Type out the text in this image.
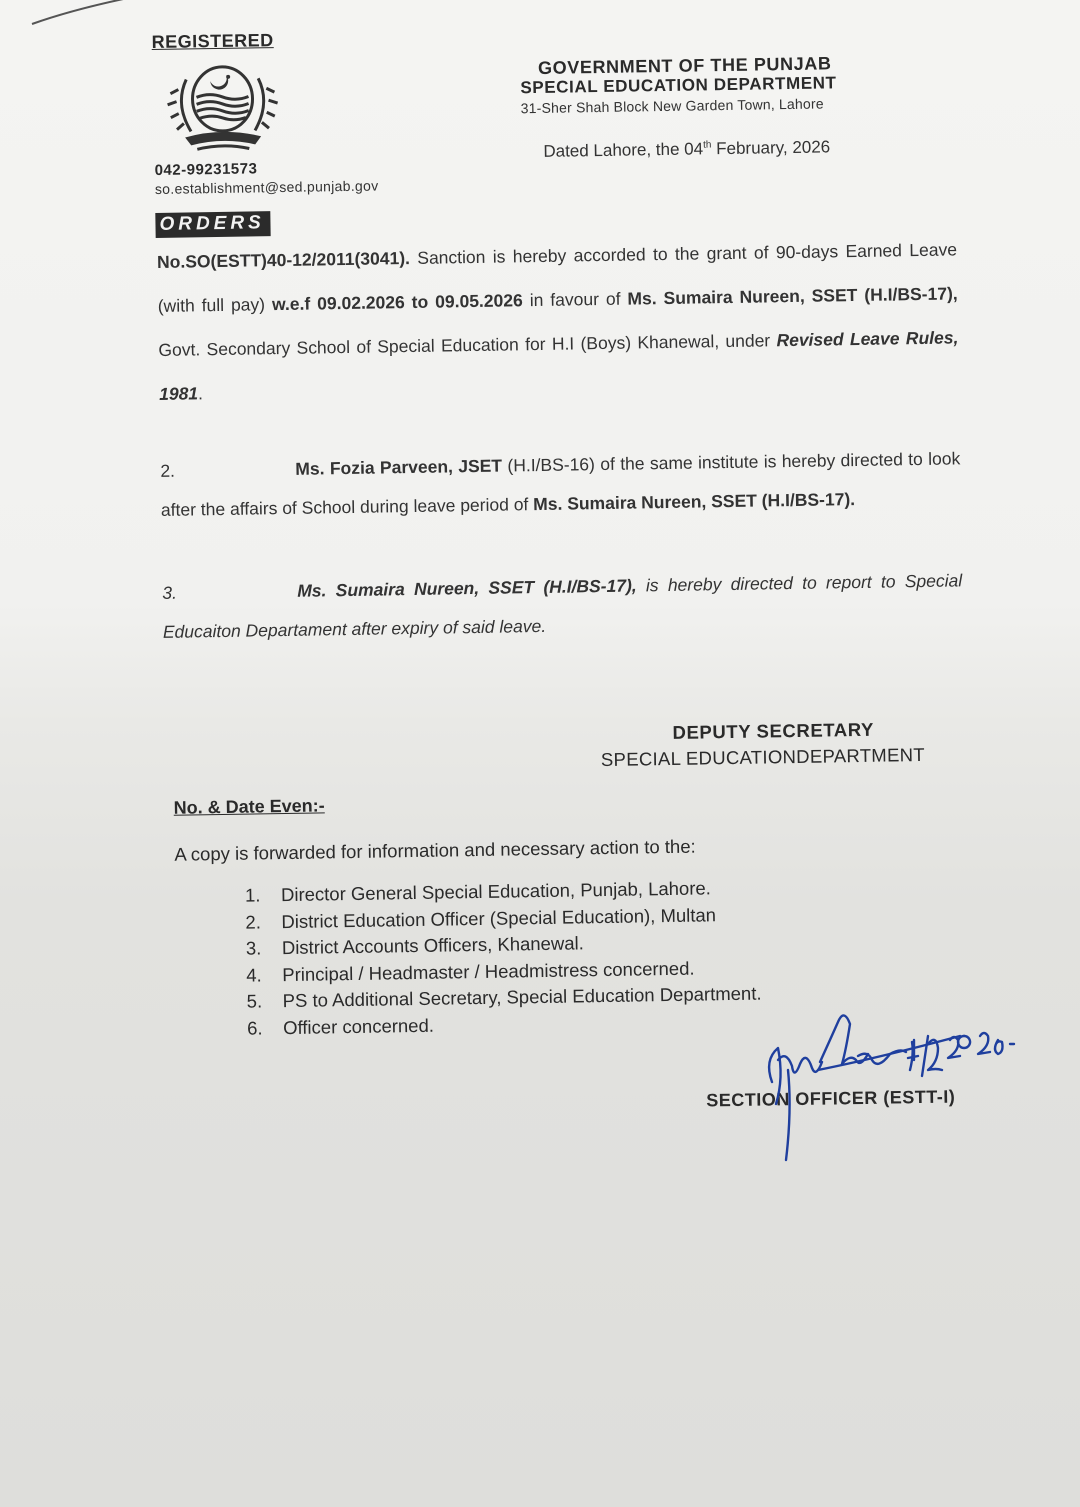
REGISTERED
042-99231573
so.establishment@sed.punjab.gov
GOVERNMENT OF THE PUNJAB
SPECIAL EDUCATION DEPARTMENT
31-Sher Shah Block New Garden Town, Lahore
Dated Lahore, the 04th February, 2026
ORDERS
No.SO(ESTT)40-12/2011(3041). Sanction is hereby accorded to the grant of 90-days Earned Leave (with full pay) w.e.f 09.02.2026 to 09.05.2026 in favour of Ms. Sumaira Nureen, SSET (H.I/BS-17), Govt. Secondary School of Special Education for H.I (Boys) Khanewal, under Revised Leave Rules, 1981.
2.	Ms. Fozia Parveen, JSET (H.I/BS-16) of the same institute is hereby directed to look after the affairs of School during leave period of Ms. Sumaira Nureen, SSET (H.I/BS-17).
3.	Ms. Sumaira Nureen, SSET (H.I/BS-17), is hereby directed to report to Special Educaiton Departament after expiry of said leave.
DEPUTY SECRETARY
SPECIAL EDUCATIONDEPARTMENT
No. & Date Even:-
A copy is forwarded for information and necessary action to the:
1. Director General Special Education, Punjab, Lahore.
2. District Education Officer (Special Education), Multan
3. District Accounts Officers, Khanewal.
4. Principal / Headmaster / Headmistress concerned.
5. PS to Additional Secretary, Special Education Department.
6. Officer concerned.
SECTION OFFICER (ESTT-I)
